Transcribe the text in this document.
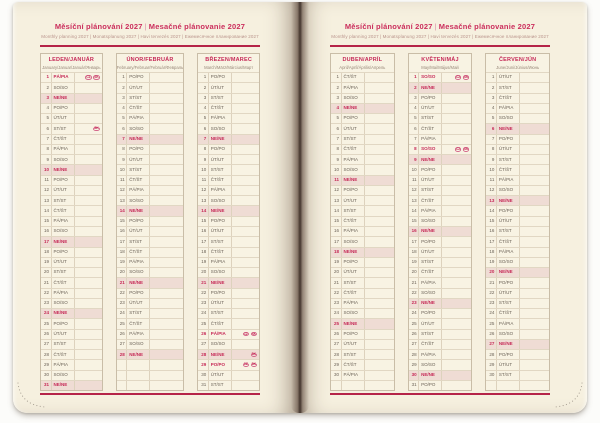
Měsíční plánování 2027 | Mesačné plánovanie 2027
Monthly planning 2027 | Monatsplanung 2027 | Havi tervezés 2027 | Ежемесячное планирование 2027
LEDEN/JANUÁR
January/Januar/Január/Январь
1	PÁ/PIA	CZ	SK
2	SO/SO
3	NE/NE
4	PO/PO
5	ÚT/UT
6	ST/ST	SK
7	ČT/ŠT
8	PÁ/PIA
9	SO/SO
10	NE/NE
11	PO/PO
12	ÚT/UT
13	ST/ST
14	ČT/ŠT
15	PÁ/PIA
16	SO/SO
17	NE/NE
18	PO/PO
19	ÚT/UT
20	ST/ST
21	ČT/ŠT
22	PÁ/PIA
23	SO/SO
24	NE/NE
25	PO/PO
26	ÚT/UT
27	ST/ST
28	ČT/ŠT
29	PÁ/PIA
30	SO/SO
31	NE/NE
ÚNOR/FEBRUÁR
February/Februar/Február/Февраль
1	PO/PO
2	ÚT/UT
3	ST/ST
4	ČT/ŠT
5	PÁ/PIA
6	SO/SO
7	NE/NE
8	PO/PO
9	ÚT/UT
10	ST/ST
11	ČT/ŠT
12	PÁ/PIA
13	SO/SO
14	NE/NE
15	PO/PO
16	ÚT/UT
17	ST/ST
18	ČT/ŠT
19	PÁ/PIA
20	SO/SO
21	NE/NE
22	PO/PO
23	ÚT/UT
24	ST/ST
25	ČT/ŠT
26	PÁ/PIA
27	SO/SO
28	NE/NE
BŘEZEN/MAREC
March/März/Március/Март
1	PO/PO
2	ÚT/UT
3	ST/ST
4	ČT/ŠT
5	PÁ/PIA
6	SO/SO
7	NE/NE
8	PO/PO
9	ÚT/UT
10	ST/ST
11	ČT/ŠT
12	PÁ/PIA
13	SO/SO
14	NE/NE
15	PO/PO
16	ÚT/UT
17	ST/ST
18	ČT/ŠT
19	PÁ/PIA
20	SO/SO
21	NE/NE
22	PO/PO
23	ÚT/UT
24	ST/ST
25	ČT/ŠT
26	PÁ/PIA	CZ	SK
27	SO/SO
28	NE/NE	SK
29	PO/PO	CZ	SK
30	ÚT/UT
31	ST/ST
Měsíční plánování 2027 | Mesačné plánovanie 2027
Monthly planning 2027 | Monatsplanung 2027 | Havi tervezés 2027 | Ежемесячное планирование 2027
DUBEN/APRÍL
April/Apríl/Április/Апрель
1	ČT/ŠT
2	PÁ/PIA
3	SO/SO
4	NE/NE
5	PO/PO
6	ÚT/UT
7	ST/ST
8	ČT/ŠT
9	PÁ/PIA
10	SO/SO
11	NE/NE
12	PO/PO
13	ÚT/UT
14	ST/ST
15	ČT/ŠT
16	PÁ/PIA
17	SO/SO
18	NE/NE
19	PO/PO
20	ÚT/UT
21	ST/ST
22	ČT/ŠT
23	PÁ/PIA
24	SO/SO
25	NE/NE
26	PO/PO
27	ÚT/UT
28	ST/ST
29	ČT/ŠT
30	PÁ/PIA
KVĚTEN/MÁJ
May/Mai/Május/Май
1	SO/SO	CZ	SK
2	NE/NE
3	PO/PO
4	ÚT/UT
5	ST/ST
6	ČT/ŠT
7	PÁ/PIA
8	SO/SO	CZ	SK
9	NE/NE
10	PO/PO
11	ÚT/UT
12	ST/ST
13	ČT/ŠT
14	PÁ/PIA
15	SO/SO
16	NE/NE
17	PO/PO
18	ÚT/UT
19	ST/ST
20	ČT/ŠT
21	PÁ/PIA
22	SO/SO
23	NE/NE
24	PO/PO
25	ÚT/UT
26	ST/ST
27	ČT/ŠT
28	PÁ/PIA
29	SO/SO
30	NE/NE
31	PO/PO
ČERVEN/JÚN
June/Juni/Június/Июнь
1	ÚT/UT
2	ST/ST
3	ČT/ŠT
4	PÁ/PIA
5	SO/SO
6	NE/NE
7	PO/PO
8	ÚT/UT
9	ST/ST
10	ČT/ŠT
11	PÁ/PIA
12	SO/SO
13	NE/NE
14	PO/PO
15	ÚT/UT
16	ST/ST
17	ČT/ŠT
18	PÁ/PIA
19	SO/SO
20	NE/NE
21	PO/PO
22	ÚT/UT
23	ST/ST
24	ČT/ŠT
25	PÁ/PIA
26	SO/SO
27	NE/NE
28	PO/PO
29	ÚT/UT
30	ST/ST
